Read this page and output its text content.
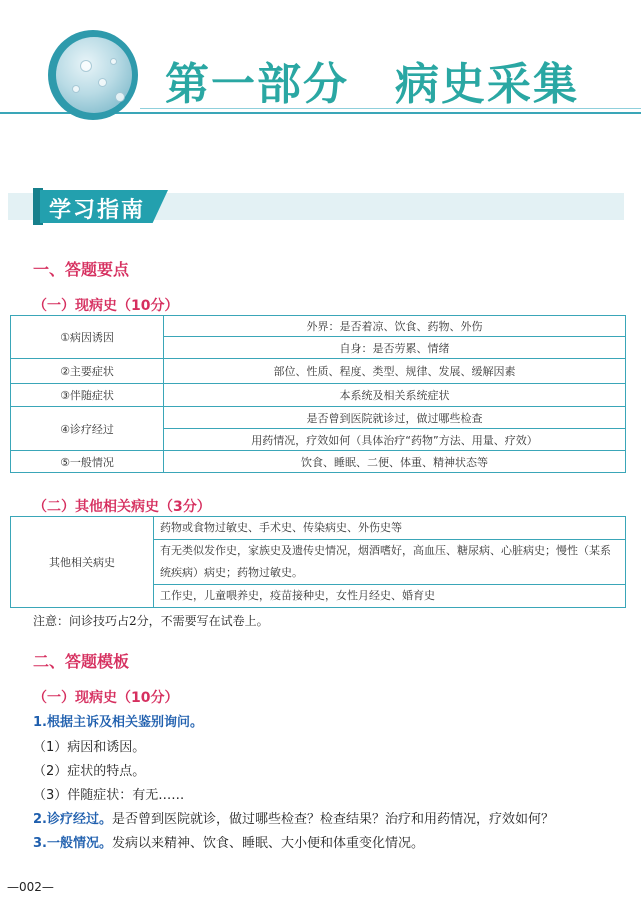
第一部分　病史采集
学习指南
一、答题要点
（一）现病史（10分）
①病因诱因	外界：是否着凉、饮食、药物、外伤
	自身：是否劳累、情绪
②主要症状	部位、性质、程度、类型、规律、发展、缓解因素
③伴随症状	本系统及相关系统症状
④诊疗经过	是否曾到医院就诊过，做过哪些检查
	用药情况，疗效如何（具体治疗“药物”方法、用量、疗效）
⑤一般情况	饮食、睡眠、二便、体重、精神状态等
（二）其他相关病史（3分）
其他相关病史	药物或食物过敏史、手术史、传染病史、外伤史等
有无类似发作史，家族史及遗传史情况，烟酒嗜好，高血压、糖尿病、心脏病史；慢性（某系统疾病）病史；药物过敏史。
工作史，儿童喂养史，疫苗接种史，女性月经史、婚育史
注意：问诊技巧占2分，不需要写在试卷上。
二、答题模板
（一）现病史（10分）
1.根据主诉及相关鉴别询问。
（1）病因和诱因。
（2）症状的特点。
（3）伴随症状：有无……
2.诊疗经过。是否曾到医院就诊，做过哪些检查？检查结果？治疗和用药情况，疗效如何？
3.一般情况。发病以来精神、饮食、睡眠、大小便和体重变化情况。
—002—
